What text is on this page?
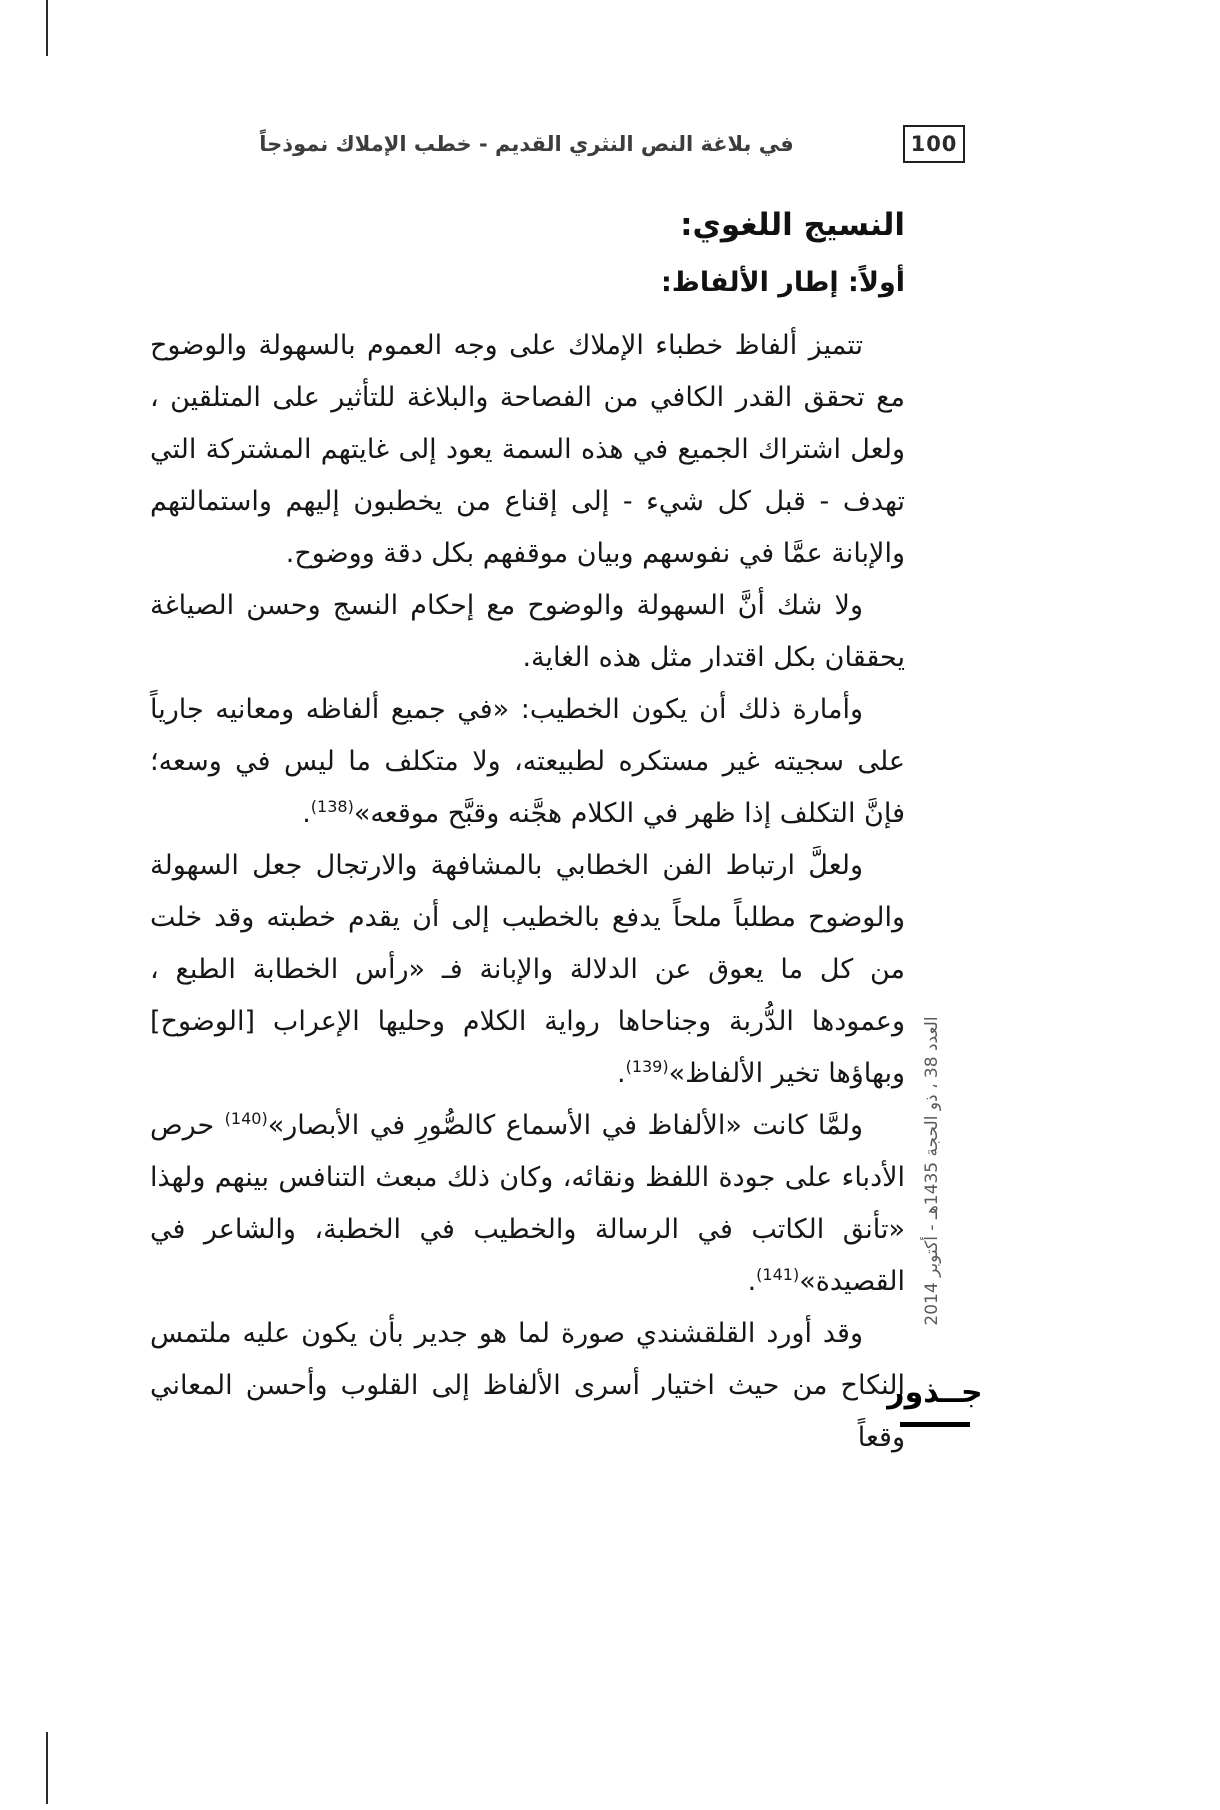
100
في بلاغة النص النثري القديم - خطب الإملاك نموذجاً
النسيج اللغوي:
أولاً: إطار الألفاظ:

تتميز ألفاظ خطباء الإملاك على وجه العموم بالسهولة والوضوح مع تحقق القدر الكافي من الفصاحة والبلاغة للتأثير على المتلقين ، ولعل اشتراك الجميع في هذه السمة يعود إلى غايتهم المشتركة التي تهدف - قبل كل شيء - إلى إقناع من يخطبون إليهم واستمالتهم والإبانة عمَّا في نفوسهم وبيان موقفهم بكل دقة ووضوح.

ولا شك أنَّ السهولة والوضوح مع إحكام النسج وحسن الصياغة يحققان بكل اقتدار مثل هذه الغاية.

وأمارة ذلك أن يكون الخطيب: «في جميع ألفاظه ومعانيه جارياً على سجيته غير مستكره لطبيعته، ولا متكلف ما ليس في وسعه؛ فإنَّ التكلف إذا ظهر في الكلام هجَّنه وقبَّح موقعه»$^{(138)}$.

ولعلَّ ارتباط الفن الخطابي بالمشافهة والارتجال جعل السهولة والوضوح مطلباً ملحاً يدفع بالخطيب إلى أن يقدم خطبته وقد خلت من كل ما يعوق عن الدلالة والإبانة فـ «رأس الخطابة الطبع ، وعمودها الدُّربة وجناحاها رواية الكلام وحليها الإعراب [الوضوح] وبهاؤها تخير الألفاظ»$^{(139)}$.

ولمَّا كانت «الألفاظ في الأسماع كالصُّورِ في الأبصار»$^{(140)}$ حرص الأدباء على جودة اللفظ ونقائه، وكان ذلك مبعث التنافس بينهم ولهذا «تأنق الكاتب في الرسالة والخطيب في الخطبة، والشاعر في القصيدة»$^{(141)}$.

وقد أورد القلقشندي صورة لما هو جدير بأن يكون عليه ملتمس النكاح من حيث اختيار أسرى الألفاظ إلى القلوب وأحسن المعاني وقعاً

العدد 38 ، ذو الحجة 1435هـ - أكتوبر 2014
جــذور
